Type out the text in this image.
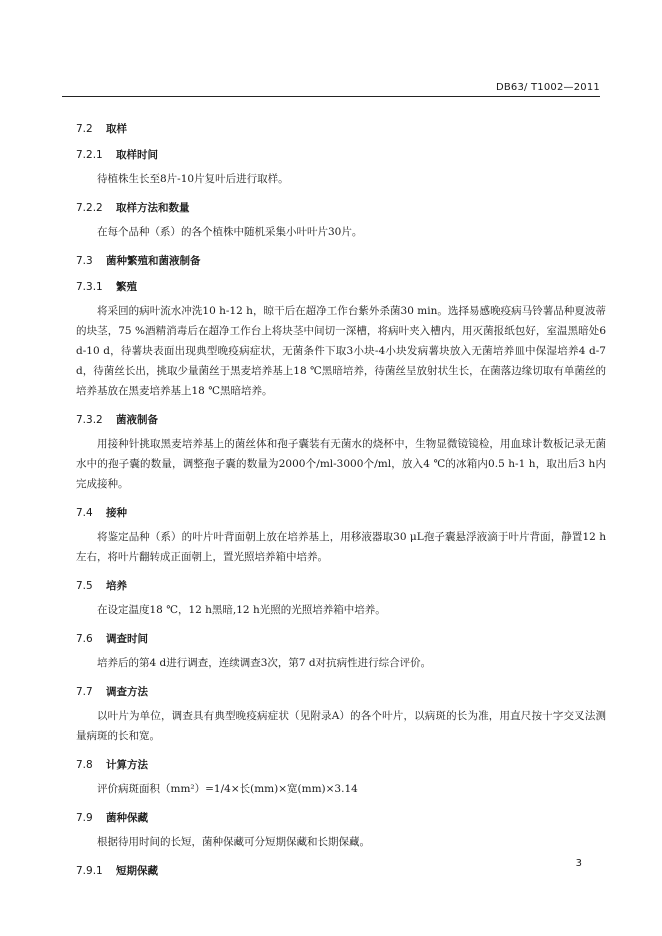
DB63/ T1002—2011
7.2 取样
7.2.1 取样时间
待植株生长至8片-10片复叶后进行取样。
7.2.2 取样方法和数量
在每个品种（系）的各个植株中随机采集小叶叶片30片。
7.3 菌种繁殖和菌液制备
7.3.1 繁殖
将采回的病叶流水冲洗10 h-12 h，晾干后在超净工作台紫外杀菌30 min。选择易感晚疫病马铃薯品种夏波蒂的块茎，75 %酒精消毒后在超净工作台上将块茎中间切一深槽，将病叶夹入槽内，用灭菌报纸包好，室温黑暗处6 d-10 d，待薯块表面出现典型晚疫病症状，无菌条件下取3小块-4小块发病薯块放入无菌培养皿中保湿培养4 d-7 d，待菌丝长出，挑取少量菌丝于黑麦培养基上18 ℃黑暗培养，待菌丝呈放射状生长，在菌落边缘切取有单菌丝的培养基放在黑麦培养基上18 ℃黑暗培养。
7.3.2 菌液制备
用接种针挑取黑麦培养基上的菌丝体和孢子囊装有无菌水的烧杯中，生物显微镜镜检，用血球计数板记录无菌水中的孢子囊的数量，调整孢子囊的数量为2000个/ml-3000个/ml，放入4 ℃的冰箱内0.5 h-1 h，取出后3 h内完成接种。
7.4 接种
将鉴定品种（系）的叶片叶背面朝上放在培养基上，用移液器取30 μL孢子囊悬浮液滴于叶片背面，静置12 h左右，将叶片翻转成正面朝上，置光照培养箱中培养。
7.5 培养
在设定温度18 ℃，12 h黑暗,12 h光照的光照培养箱中培养。
7.6 调查时间
培养后的第4 d进行调查，连续调查3次，第7 d对抗病性进行综合评价。
7.7 调查方法
以叶片为单位，调查具有典型晚疫病症状（见附录A）的各个叶片，以病斑的长为准，用直尺按十字交叉法测量病斑的长和宽。
7.8 计算方法
评价病斑面积（mm²）=1/4×长(mm)×宽(mm)×3.14
7.9 菌种保藏
根据待用时间的长短，菌种保藏可分短期保藏和长期保藏。
7.9.1 短期保藏
3
